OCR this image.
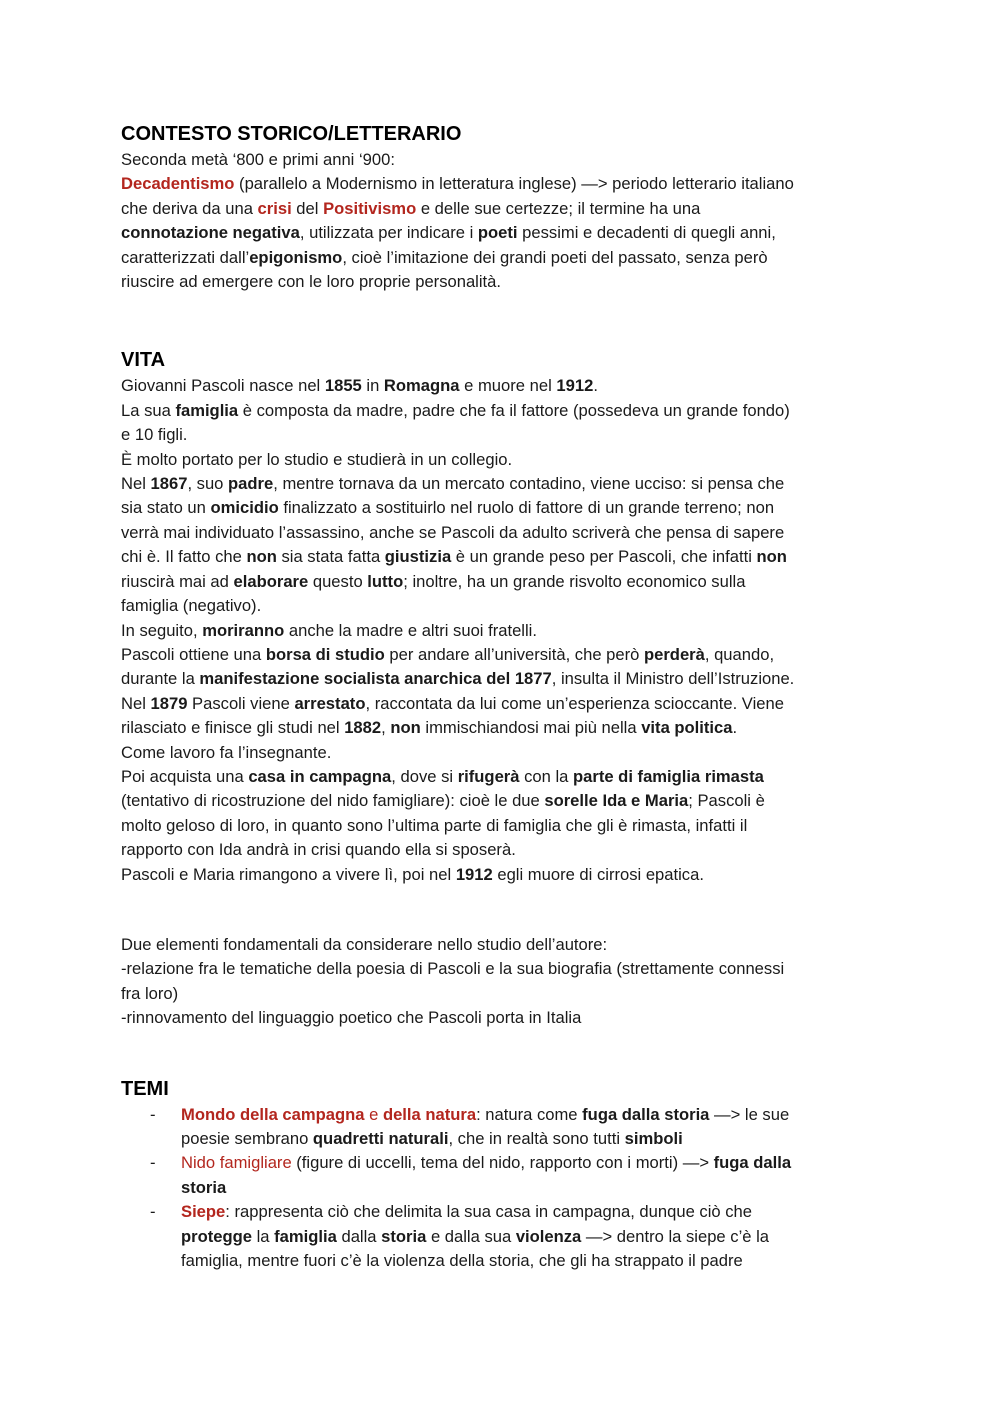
CONTESTO STORICO/LETTERARIO
Seconda metà ‘800 e primi anni ‘900:
Decadentismo (parallelo a Modernismo in letteratura inglese) —> periodo letterario italiano
che deriva da una crisi del Positivismo e delle sue certezze; il termine ha una
connotazione negativa, utilizzata per indicare i poeti pessimi e decadenti di quegli anni,
caratterizzati dall’epigonismo, cioè l’imitazione dei grandi poeti del passato, senza però
riuscire ad emergere con le loro proprie personalità.
VITA
Giovanni Pascoli nasce nel 1855 in Romagna e muore nel 1912.
La sua famiglia è composta da madre, padre che fa il fattore (possedeva un grande fondo)
e 10 figli.
È molto portato per lo studio e studierà in un collegio.
Nel 1867, suo padre, mentre tornava da un mercato contadino, viene ucciso: si pensa che
sia stato un omicidio finalizzato a sostituirlo nel ruolo di fattore di un grande terreno; non
verrà mai individuato l’assassino, anche se Pascoli da adulto scriverà che pensa di sapere
chi è. Il fatto che non sia stata fatta giustizia è un grande peso per Pascoli, che infatti non
riuscirà mai ad elaborare questo lutto; inoltre, ha un grande risvolto economico sulla
famiglia (negativo).
In seguito, moriranno anche la madre e altri suoi fratelli.
Pascoli ottiene una borsa di studio per andare all’università, che però perderà, quando,
durante la manifestazione socialista anarchica del 1877, insulta il Ministro dell’Istruzione.
Nel 1879 Pascoli viene arrestato, raccontata da lui come un’esperienza scioccante. Viene
rilasciato e finisce gli studi nel 1882, non immischiandosi mai più nella vita politica.
Come lavoro fa l’insegnante.
Poi acquista una casa in campagna, dove si rifugerà con la parte di famiglia rimasta
(tentativo di ricostruzione del nido famigliare): cioè le due sorelle Ida e Maria; Pascoli è
molto geloso di loro, in quanto sono l’ultima parte di famiglia che gli è rimasta, infatti il
rapporto con Ida andrà in crisi quando ella si sposerà.
Pascoli e Maria rimangono a vivere lì, poi nel 1912 egli muore di cirrosi epatica.
Due elementi fondamentali da considerare nello studio dell’autore:
-relazione fra le tematiche della poesia di Pascoli e la sua biografia (strettamente connessi
fra loro)
-rinnovamento del linguaggio poetico che Pascoli porta in Italia
TEMI
- Mondo della campagna e della natura: natura come fuga dalla storia —> le sue
poesie sembrano quadretti naturali, che in realtà sono tutti simboli
- Nido famigliare (figure di uccelli, tema del nido, rapporto con i morti) —> fuga dalla
storia
- Siepe: rappresenta ciò che delimita la sua casa in campagna, dunque ciò che
protegge la famiglia dalla storia e dalla sua violenza —> dentro la siepe c’è la
famiglia, mentre fuori c’è la violenza della storia, che gli ha strappato il padre
